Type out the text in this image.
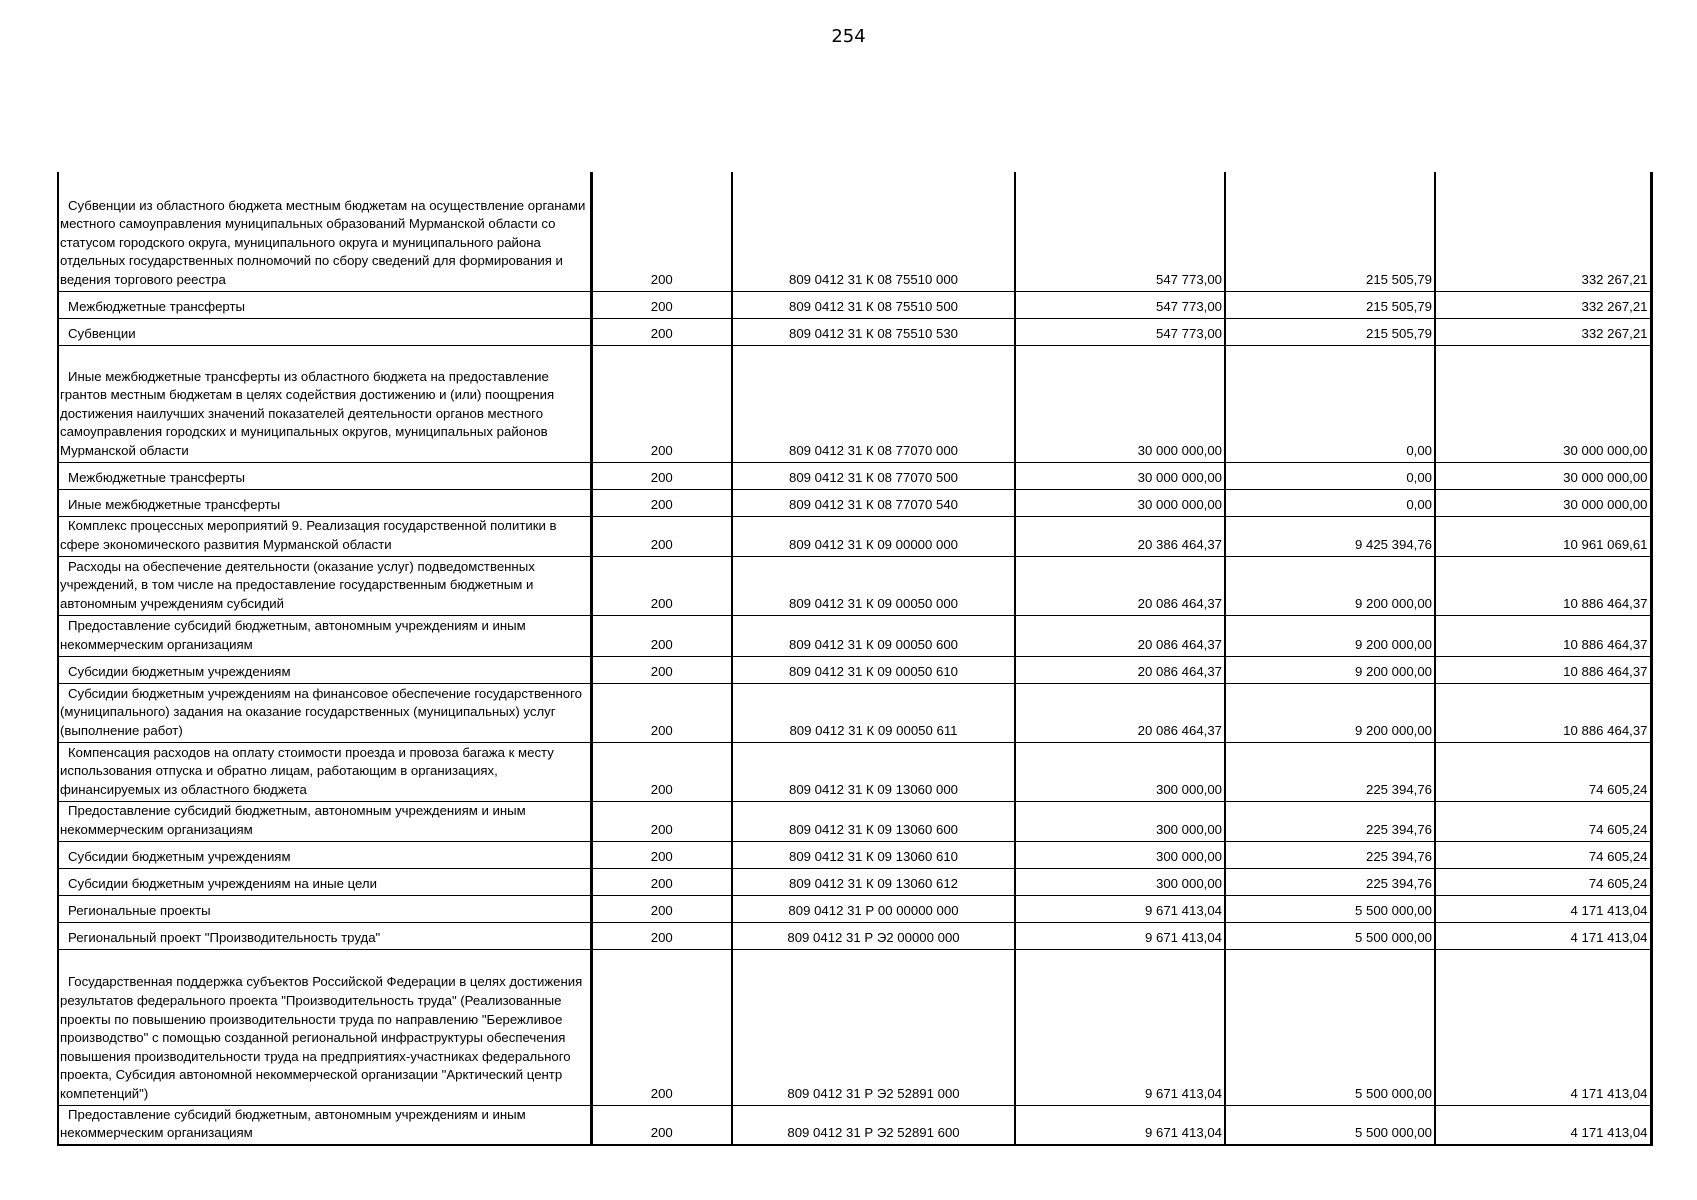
254
Субвенции из областного бюджета местным бюджетам на осуществление органами местного самоуправления муниципальных образований Мурманской области со статусом городского округа, муниципального округа и муниципального района отдельных государственных полномочий по сбору сведений для формирования и ведения торгового реестра	200	809 0412 31 К 08 75510 000	547 773,00	215 505,79	332 267,21
Межбюджетные трансферты	200	809 0412 31 К 08 75510 500	547 773,00	215 505,79	332 267,21
Субвенции	200	809 0412 31 К 08 75510 530	547 773,00	215 505,79	332 267,21
Иные межбюджетные трансферты из областного бюджета на предоставление грантов местным бюджетам в целях содействия достижению и (или) поощрения достижения наилучших значений показателей деятельности органов местного самоуправления городских и муниципальных округов, муниципальных районов Мурманской области	200	809 0412 31 К 08 77070 000	30 000 000,00	0,00	30 000 000,00
Межбюджетные трансферты	200	809 0412 31 К 08 77070 500	30 000 000,00	0,00	30 000 000,00
Иные межбюджетные трансферты	200	809 0412 31 К 08 77070 540	30 000 000,00	0,00	30 000 000,00
Комплекс процессных мероприятий 9. Реализация государственной политики в сфере экономического развития Мурманской области	200	809 0412 31 К 09 00000 000	20 386 464,37	9 425 394,76	10 961 069,61
Расходы на обеспечение деятельности (оказание услуг) подведомственных учреждений, в том числе на предоставление государственным бюджетным и автономным учреждениям субсидий	200	809 0412 31 К 09 00050 000	20 086 464,37	9 200 000,00	10 886 464,37
Предоставление субсидий бюджетным, автономным учреждениям и иным некоммерческим организациям	200	809 0412 31 К 09 00050 600	20 086 464,37	9 200 000,00	10 886 464,37
Субсидии бюджетным учреждениям	200	809 0412 31 К 09 00050 610	20 086 464,37	9 200 000,00	10 886 464,37
Субсидии бюджетным учреждениям на финансовое обеспечение государственного (муниципального) задания на оказание государственных (муниципальных) услуг (выполнение работ)	200	809 0412 31 К 09 00050 611	20 086 464,37	9 200 000,00	10 886 464,37
Компенсация расходов на оплату стоимости проезда и провоза багажа к месту использования отпуска и обратно лицам, работающим в организациях, финансируемых из областного бюджета	200	809 0412 31 К 09 13060 000	300 000,00	225 394,76	74 605,24
Предоставление субсидий бюджетным, автономным учреждениям и иным некоммерческим организациям	200	809 0412 31 К 09 13060 600	300 000,00	225 394,76	74 605,24
Субсидии бюджетным учреждениям	200	809 0412 31 К 09 13060 610	300 000,00	225 394,76	74 605,24
Субсидии бюджетным учреждениям на иные цели	200	809 0412 31 К 09 13060 612	300 000,00	225 394,76	74 605,24
Региональные проекты	200	809 0412 31 Р 00 00000 000	9 671 413,04	5 500 000,00	4 171 413,04
Региональный проект "Производительность труда"	200	809 0412 31 Р Э2 00000 000	9 671 413,04	5 500 000,00	4 171 413,04
Государственная поддержка субъектов Российской Федерации в целях достижения результатов федерального проекта "Производительность труда" (Реализованные проекты по повышению производительности труда по направлению "Бережливое производство" с помощью созданной региональной инфраструктуры обеспечения повышения производительности труда на предприятиях-участниках федерального проекта, Субсидия автономной некоммерческой организации "Арктический центр компетенций")	200	809 0412 31 Р Э2 52891 000	9 671 413,04	5 500 000,00	4 171 413,04
Предоставление субсидий бюджетным, автономным учреждениям и иным некоммерческим организациям	200	809 0412 31 Р Э2 52891 600	9 671 413,04	5 500 000,00	4 171 413,04
